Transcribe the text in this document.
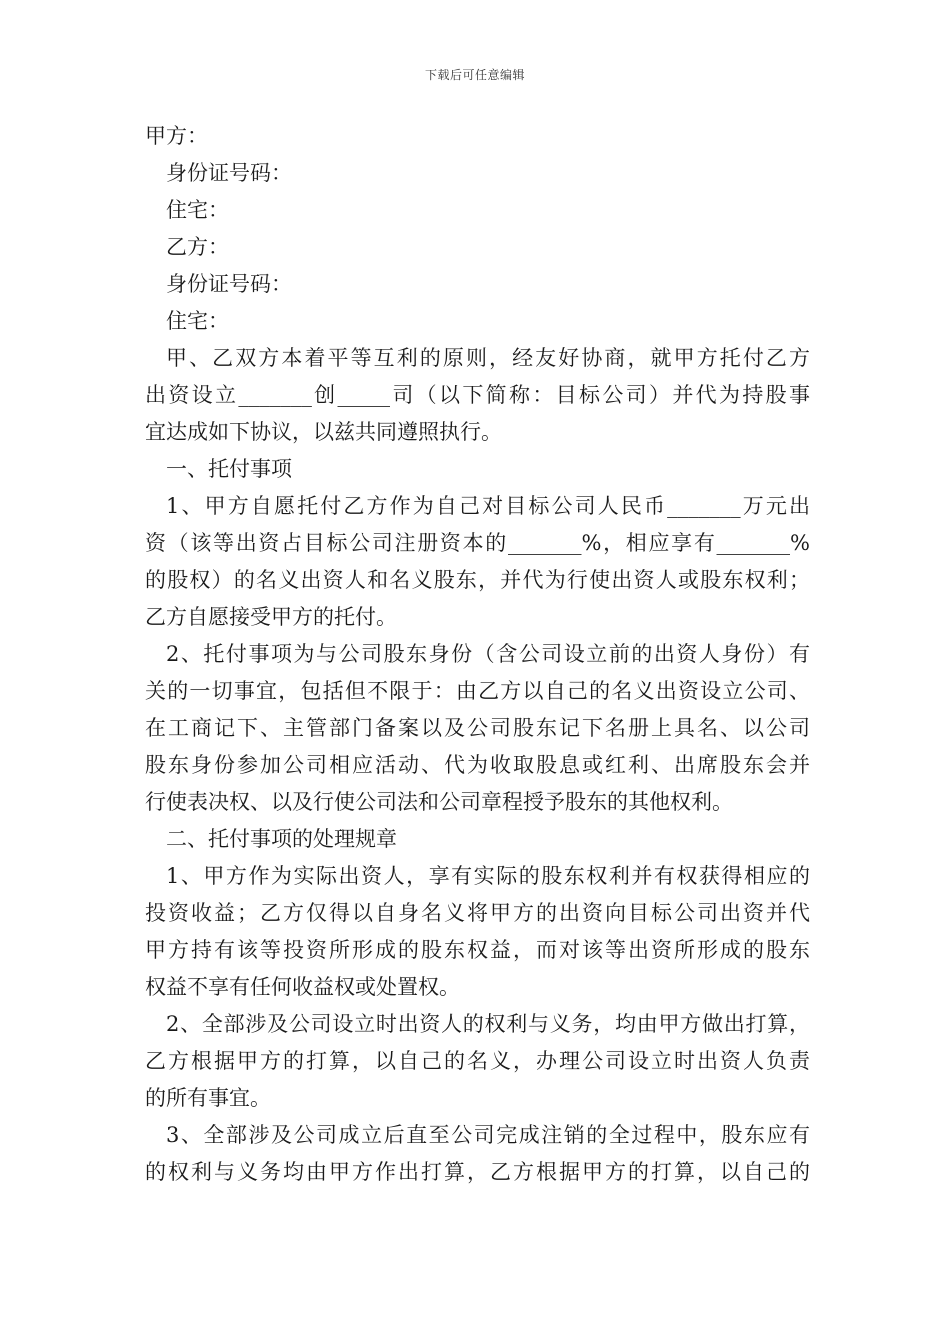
下载后可任意编辑
甲方：
身份证号码：
住宅：
乙方：
身份证号码：
住宅：
甲、乙双方本着平等互利的原则，经友好协商，就甲方托付乙方
出资设立_______创_____司（以下简称：目标公司）并代为持股事
宜达成如下协议，以兹共同遵照执行。
一、托付事项
1、甲方自愿托付乙方作为自己对目标公司人民币_______万元出
资（该等出资占目标公司注册资本的_______%，相应享有_______%
的股权）的名义出资人和名义股东，并代为行使出资人或股东权利；
乙方自愿接受甲方的托付。
2、托付事项为与公司股东身份（含公司设立前的出资人身份）有
关的一切事宜，包括但不限于：由乙方以自己的名义出资设立公司、
在工商记下、主管部门备案以及公司股东记下名册上具名、以公司
股东身份参加公司相应活动、代为收取股息或红利、出席股东会并
行使表决权、以及行使公司法和公司章程授予股东的其他权利。
二、托付事项的处理规章
1、甲方作为实际出资人，享有实际的股东权利并有权获得相应的
投资收益；乙方仅得以自身名义将甲方的出资向目标公司出资并代
甲方持有该等投资所形成的股东权益，而对该等出资所形成的股东
权益不享有任何收益权或处置权。
2、全部涉及公司设立时出资人的权利与义务，均由甲方做出打算，
乙方根据甲方的打算，以自己的名义，办理公司设立时出资人负责
的所有事宜。
3、全部涉及公司成立后直至公司完成注销的全过程中，股东应有
的权利与义务均由甲方作出打算，乙方根据甲方的打算，以自己的
